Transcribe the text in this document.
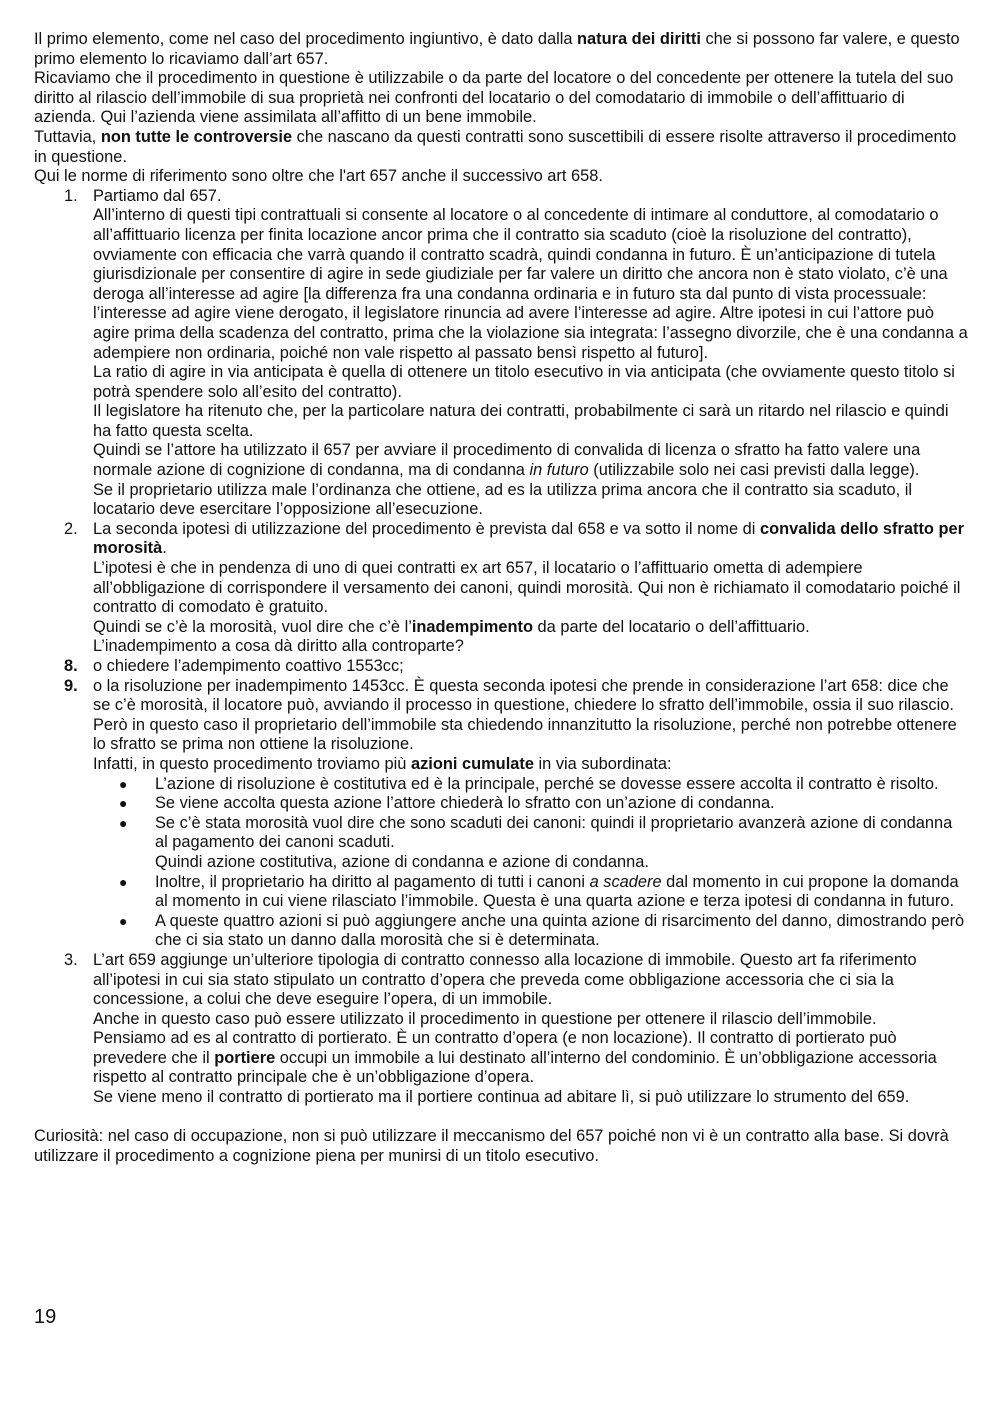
Il primo elemento, come nel caso del procedimento ingiuntivo, è dato dalla natura dei diritti che si possono far valere, e questo primo elemento lo ricaviamo dall’art 657.

Ricaviamo che il procedimento in questione è utilizzabile o da parte del locatore o del concedente per ottenere la tutela del suo diritto al rilascio dell’immobile di sua proprietà nei confronti del locatario o del comodatario di immobile o dell’affittuario di azienda. Qui l’azienda viene assimilata all’affitto di un bene immobile.

Tuttavia, non tutte le controversie che nascano da questi contratti sono suscettibili di essere risolte attraverso il procedimento in questione.

Qui le norme di riferimento sono oltre che l'art 657 anche il successivo art 658.

1. Partiamo dal 657.

All’interno di questi tipi contrattuali si consente al locatore o al concedente di intimare al conduttore, al comodatario o all’affittuario licenza per finita locazione ancor prima che il contratto sia scaduto (cioè la risoluzione del contratto), ovviamente con efficacia che varrà quando il contratto scadrà, quindi condanna in futuro. È un’anticipazione di tutela giurisdizionale per consentire di agire in sede giudiziale per far valere un diritto che ancora non è stato violato, c’è una deroga all’interesse ad agire [la differenza fra una condanna ordinaria e in futuro sta dal punto di vista processuale: l’interesse ad agire viene derogato, il legislatore rinuncia ad avere l’interesse ad agire. Altre ipotesi in cui l’attore può agire prima della scadenza del contratto, prima che la violazione sia integrata: l’assegno divorzile, che è una condanna a adempiere non ordinaria, poiché non vale rispetto al passato bensì rispetto al futuro].

La ratio di agire in via anticipata è quella di ottenere un titolo esecutivo in via anticipata (che ovviamente questo titolo si potrà spendere solo all’esito del contratto).

Il legislatore ha ritenuto che, per la particolare natura dei contratti, probabilmente ci sarà un ritardo nel rilascio e quindi ha fatto questa scelta.

Quindi se l’attore ha utilizzato il 657 per avviare il procedimento di convalida di licenza o sfratto ha fatto valere una normale azione di cognizione di condanna, ma di condanna in futuro (utilizzabile solo nei casi previsti dalla legge).

Se il proprietario utilizza male l’ordinanza che ottiene, ad es la utilizza prima ancora che il contratto sia scaduto, il locatario deve esercitare l’opposizione all’esecuzione.

2. La seconda ipotesi di utilizzazione del procedimento è prevista dal 658 e va sotto il nome di convalida dello sfratto per morosità.

L’ipotesi è che in pendenza di uno di quei contratti ex art 657, il locatario o l’affittuario ometta di adempiere all’obbligazione di corrispondere il versamento dei canoni, quindi morosità. Qui non è richiamato il comodatario poiché il contratto di comodato è gratuito.

Quindi se c’è la morosità, vuol dire che c’è l’inadempimento da parte del locatario o dell’affittuario.

L’inadempimento a cosa dà diritto alla controparte?

8. o chiedere l’adempimento coattivo 1553cc;

9. o la risoluzione per inadempimento 1453cc. È questa seconda ipotesi che prende in considerazione l’art 658: dice che se c’è morosità, il locatore può, avviando il processo in questione, chiedere lo sfratto dell’immobile, ossia il suo rilascio. Però in questo caso il proprietario dell’immobile sta chiedendo innanzitutto la risoluzione, perché non potrebbe ottenere lo sfratto se prima non ottiene la risoluzione.

Infatti, in questo procedimento troviamo più azioni cumulate in via subordinata:

● L’azione di risoluzione è costitutiva ed è la principale, perché se dovesse essere accolta il contratto è risolto.

● Se viene accolta questa azione l’attore chiederà lo sfratto con un’azione di condanna.

● Se c’è stata morosità vuol dire che sono scaduti dei canoni: quindi il proprietario avanzerà azione di condanna al pagamento dei canoni scaduti.

Quindi azione costitutiva, azione di condanna e azione di condanna.

● Inoltre, il proprietario ha diritto al pagamento di tutti i canoni a scadere dal momento in cui propone la domanda al momento in cui viene rilasciato l’immobile. Questa è una quarta azione e terza ipotesi di condanna in futuro.

● A queste quattro azioni si può aggiungere anche una quinta azione di risarcimento del danno, dimostrando però che ci sia stato un danno dalla morosità che si è determinata.

3. L’art 659 aggiunge un’ulteriore tipologia di contratto connesso alla locazione di immobile. Questo art fa riferimento all’ipotesi in cui sia stato stipulato un contratto d’opera che preveda come obbligazione accessoria che ci sia la concessione, a colui che deve eseguire l’opera, di un immobile.

Anche in questo caso può essere utilizzato il procedimento in questione per ottenere il rilascio dell’immobile.

Pensiamo ad es al contratto di portierato. È un contratto d’opera (e non locazione). Il contratto di portierato può prevedere che il portiere occupi un immobile a lui destinato all’interno del condominio. È un’obbligazione accessoria rispetto al contratto principale che è un’obbligazione d’opera.

Se viene meno il contratto di portierato ma il portiere continua ad abitare lì, si può utilizzare lo strumento del 659.

Curiosità: nel caso di occupazione, non si può utilizzare il meccanismo del 657 poiché non vi è un contratto alla base. Si dovrà utilizzare il procedimento a cognizione piena per munirsi di un titolo esecutivo.

19
